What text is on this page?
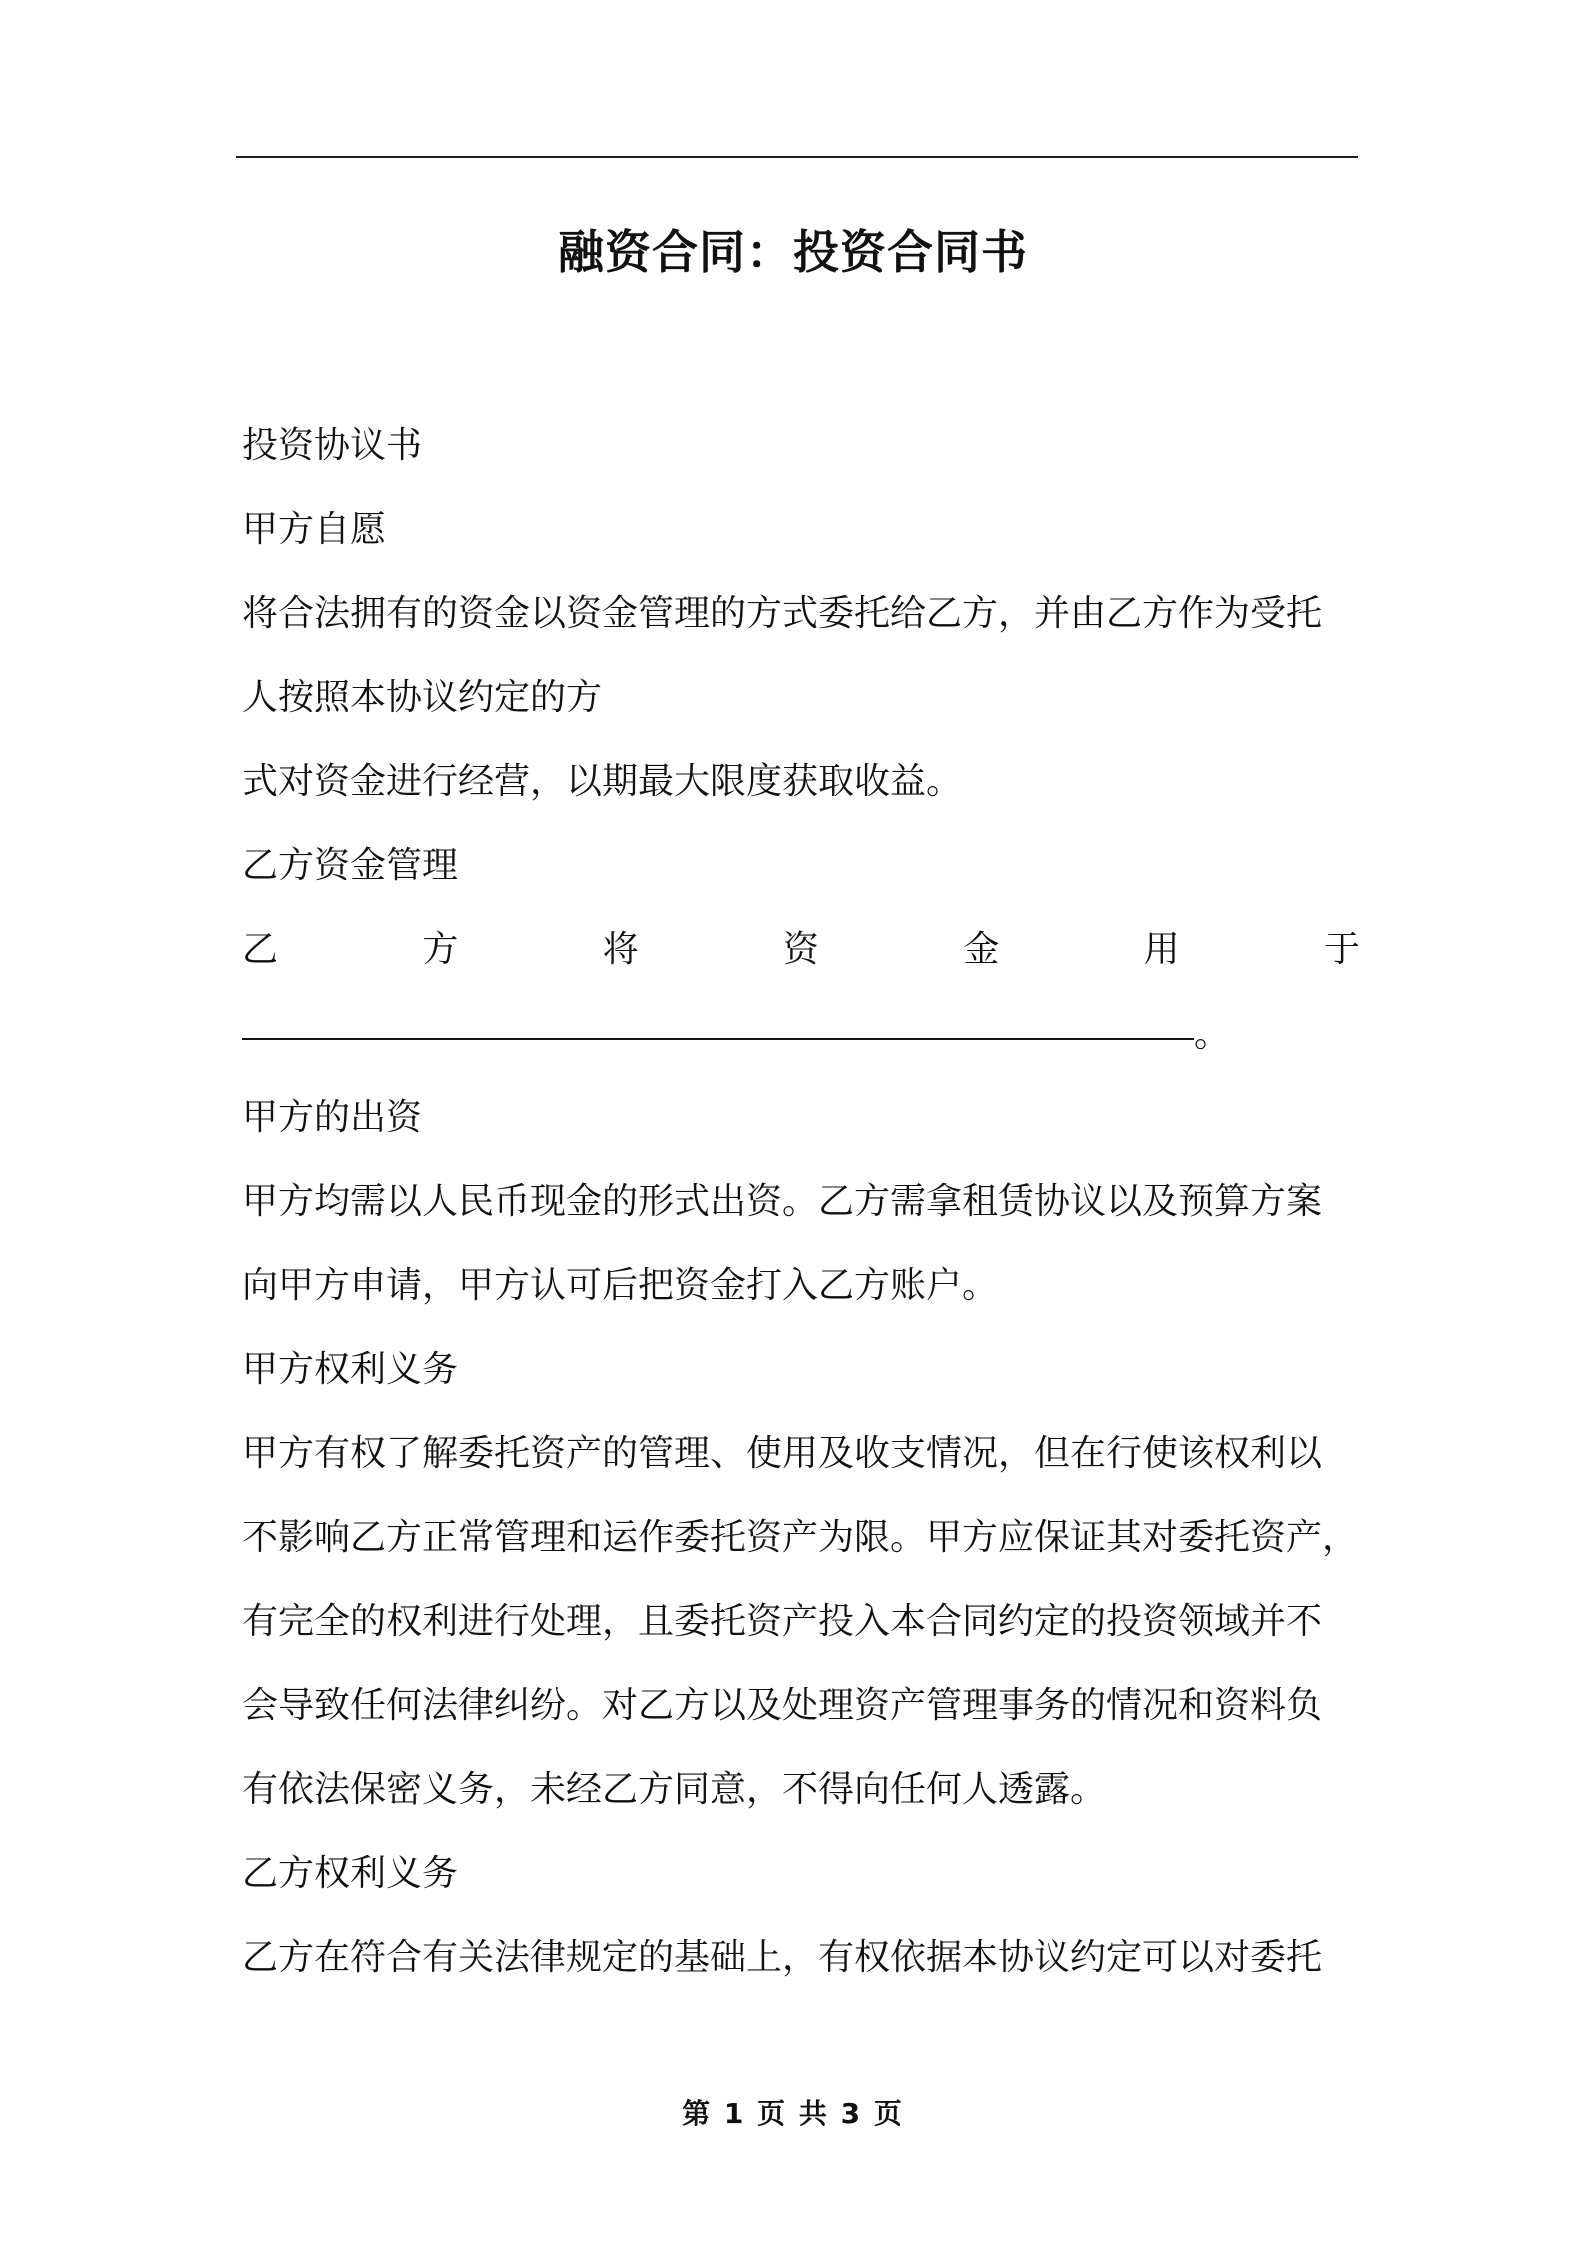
融资合同：投资合同书
投资协议书
甲方自愿
将合法拥有的资金以资金管理的方式委托给乙方，并由乙方作为受托
人按照本协议约定的方
式对资金进行经营，以期最大限度获取收益。
乙方资金管理
乙	方	将	资	金	用	于
。
甲方的出资
甲方均需以人民币现金的形式出资。乙方需拿租赁协议以及预算方案
向甲方申请，甲方认可后把资金打入乙方账户。
甲方权利义务
甲方有权了解委托资产的管理、使用及收支情况，但在行使该权利以
不影响乙方正常管理和运作委托资产为限。甲方应保证其对委托资产，
有完全的权利进行处理，且委托资产投入本合同约定的投资领域并不
会导致任何法律纠纷。对乙方以及处理资产管理事务的情况和资料负
有依法保密义务，未经乙方同意，不得向任何人透露。
乙方权利义务
乙方在符合有关法律规定的基础上，有权依据本协议约定可以对委托
第 1 页 共 3 页
